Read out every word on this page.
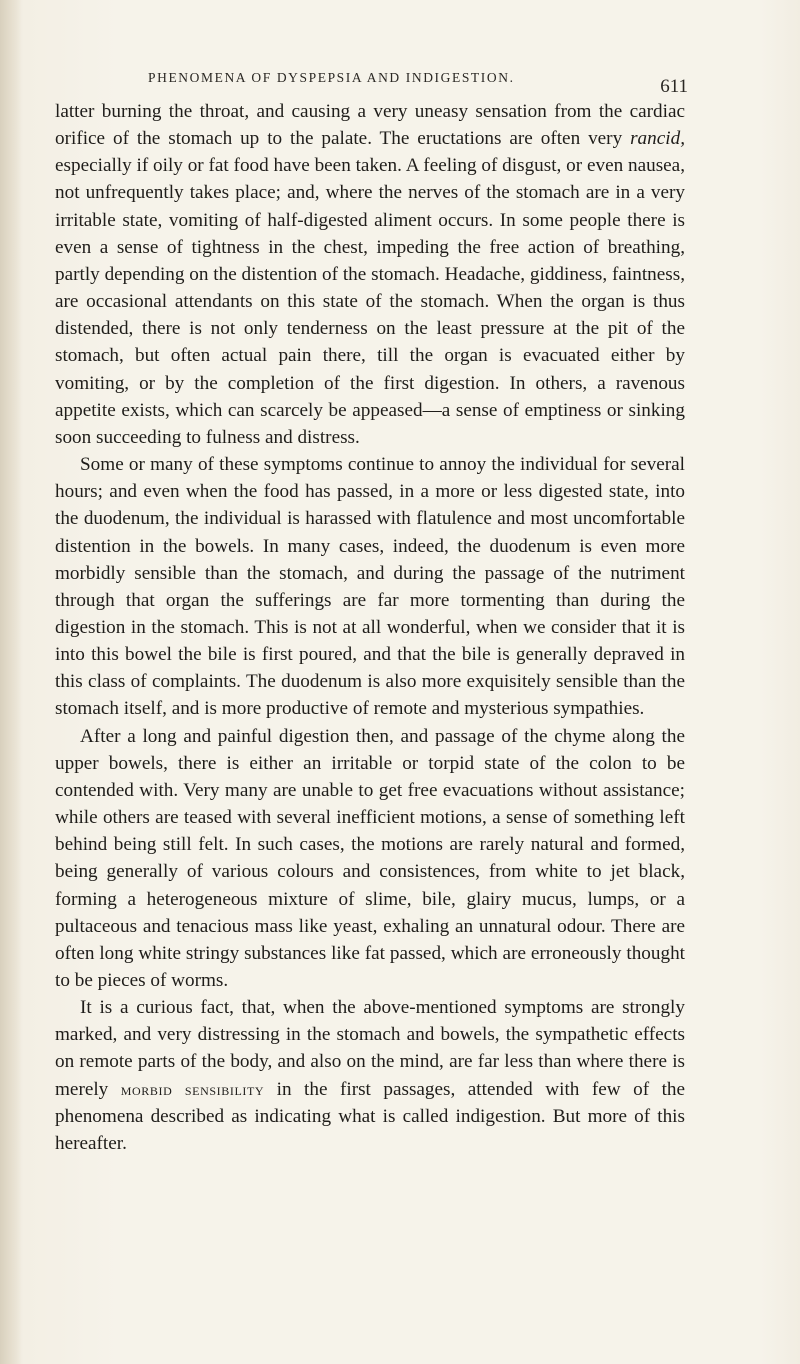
PHENOMENA OF DYSPEPSIA AND INDIGESTION.	611

latter burning the throat, and causing a very uneasy sensation from the cardiac orifice of the stomach up to the palate. The eructations are often very rancid, especially if oily or fat food have been taken. A feeling of disgust, or even nausea, not unfrequently takes place; and, where the nerves of the stomach are in a very irritable state, vomiting of half-digested aliment occurs. In some people there is even a sense of tightness in the chest, impeding the free action of breathing, partly depending on the distention of the stomach. Headache, giddiness, faintness, are occasional attendants on this state of the stomach. When the organ is thus distended, there is not only tenderness on the least pressure at the pit of the stomach, but often actual pain there, till the organ is evacuated either by vomiting, or by the completion of the first digestion. In others, a ravenous appetite exists, which can scarcely be appeased—a sense of emptiness or sinking soon succeeding to fulness and distress.

Some or many of these symptoms continue to annoy the individual for several hours; and even when the food has passed, in a more or less digested state, into the duodenum, the individual is harassed with flatulence and most uncomfortable distention in the bowels. In many cases, indeed, the duodenum is even more morbidly sensible than the stomach, and during the passage of the nutriment through that organ the sufferings are far more tormenting than during the digestion in the stomach. This is not at all wonderful, when we consider that it is into this bowel the bile is first poured, and that the bile is generally depraved in this class of complaints. The duodenum is also more exquisitely sensible than the stomach itself, and is more productive of remote and mysterious sympathies.

After a long and painful digestion then, and passage of the chyme along the upper bowels, there is either an irritable or torpid state of the colon to be contended with. Very many are unable to get free evacuations without assistance; while others are teased with several inefficient motions, a sense of something left behind being still felt. In such cases, the motions are rarely natural and formed, being generally of various colours and consistences, from white to jet black, forming a heterogeneous mixture of slime, bile, glairy mucus, lumps, or a pultaceous and tenacious mass like yeast, exhaling an unnatural odour. There are often long white stringy substances like fat passed, which are erroneously thought to be pieces of worms.

It is a curious fact, that, when the above-mentioned symptoms are strongly marked, and very distressing in the stomach and bowels, the sympathetic effects on remote parts of the body, and also on the mind, are far less than where there is merely morbid sensibility in the first passages, attended with few of the phenomena described as indicating what is called indigestion. But more of this hereafter.
